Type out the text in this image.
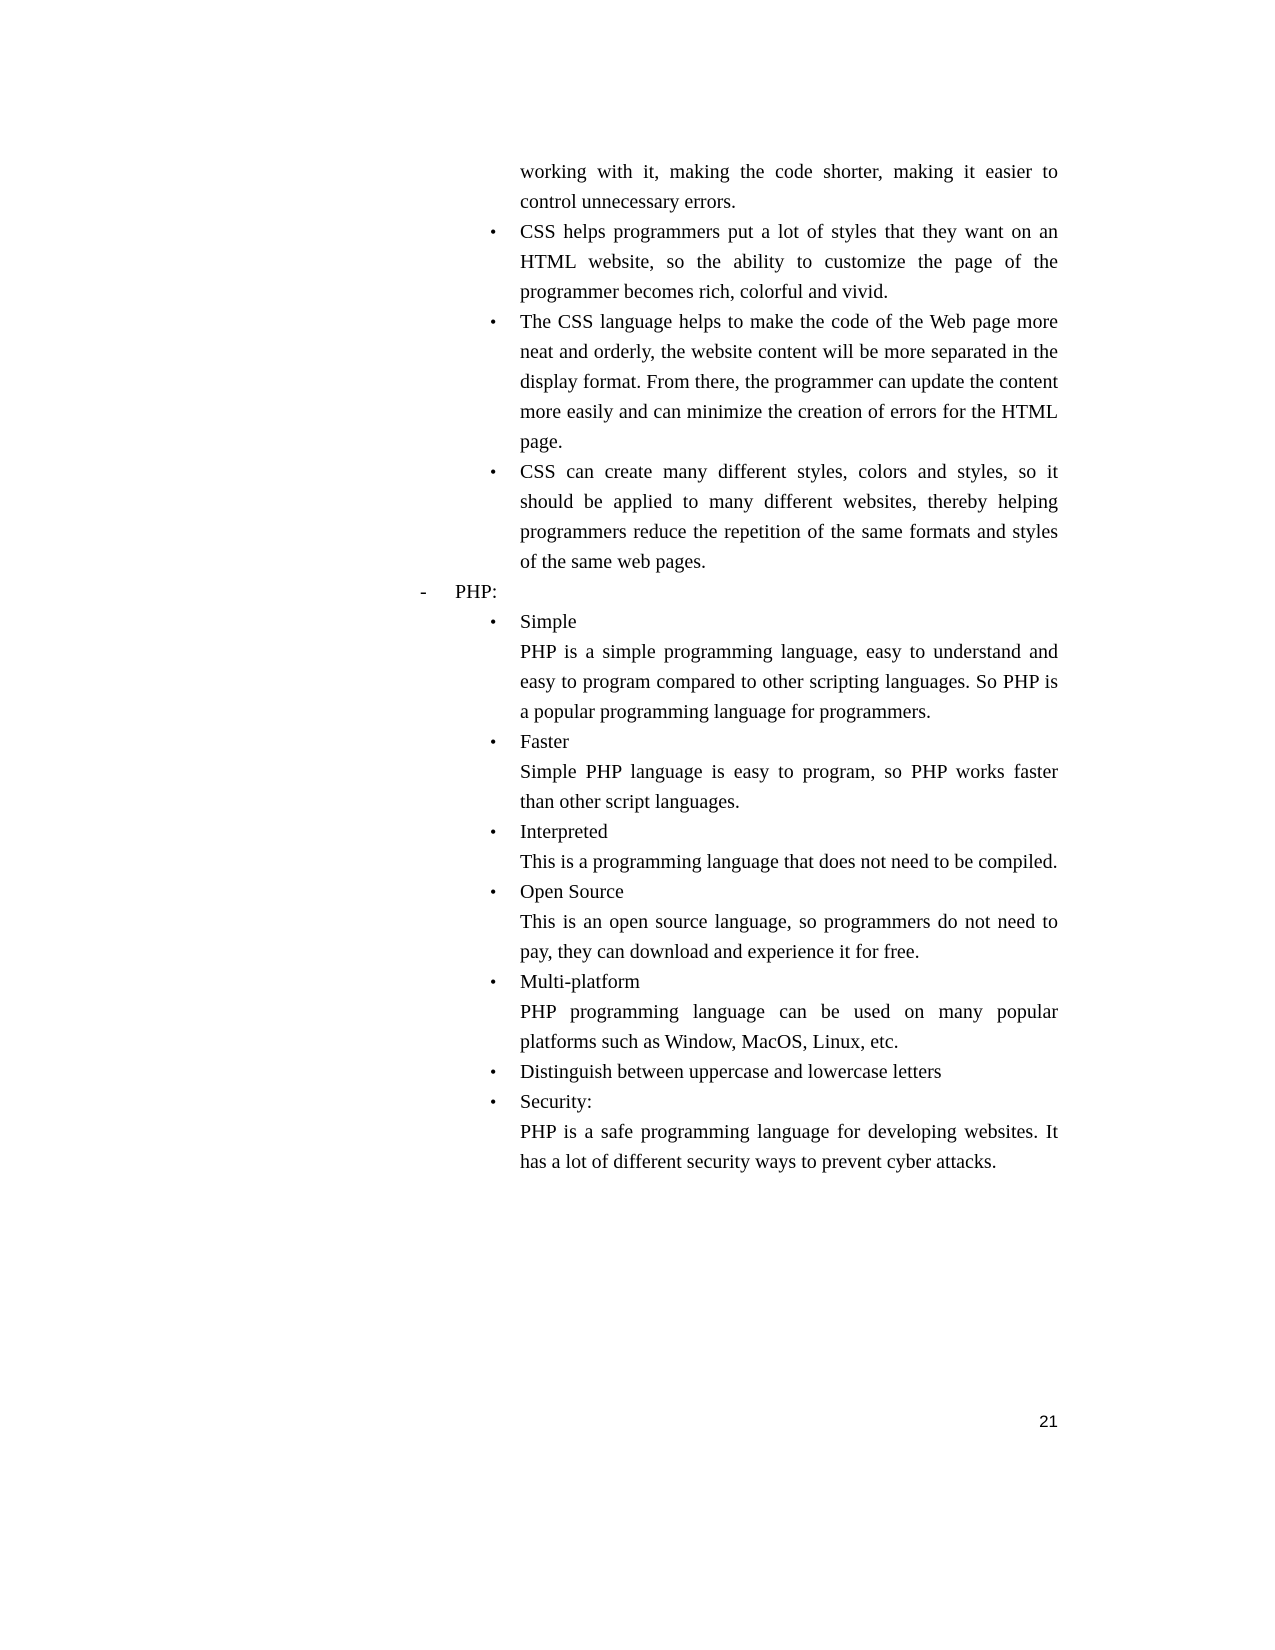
working with it, making the code shorter, making it easier to control unnecessary errors.

• CSS helps programmers put a lot of styles that they want on an HTML website, so the ability to customize the page of the programmer becomes rich, colorful and vivid.
• The CSS language helps to make the code of the Web page more neat and orderly, the website content will be more separated in the display format. From there, the programmer can update the content more easily and can minimize the creation of errors for the HTML page.
• CSS can create many different styles, colors and styles, so it should be applied to many different websites, thereby helping programmers reduce the repetition of the same formats and styles of the same web pages.
- PHP:
• Simple
PHP is a simple programming language, easy to understand and easy to program compared to other scripting languages. So PHP is a popular programming language for programmers.
• Faster
Simple PHP language is easy to program, so PHP works faster than other script languages.
• Interpreted
This is a programming language that does not need to be compiled.
• Open Source
This is an open source language, so programmers do not need to pay, they can download and experience it for free.
• Multi-platform
PHP programming language can be used on many popular platforms such as Window, MacOS, Linux, etc.
• Distinguish between uppercase and lowercase letters
• Security:
PHP is a safe programming language for developing websites. It has a lot of different security ways to prevent cyber attacks.
21
